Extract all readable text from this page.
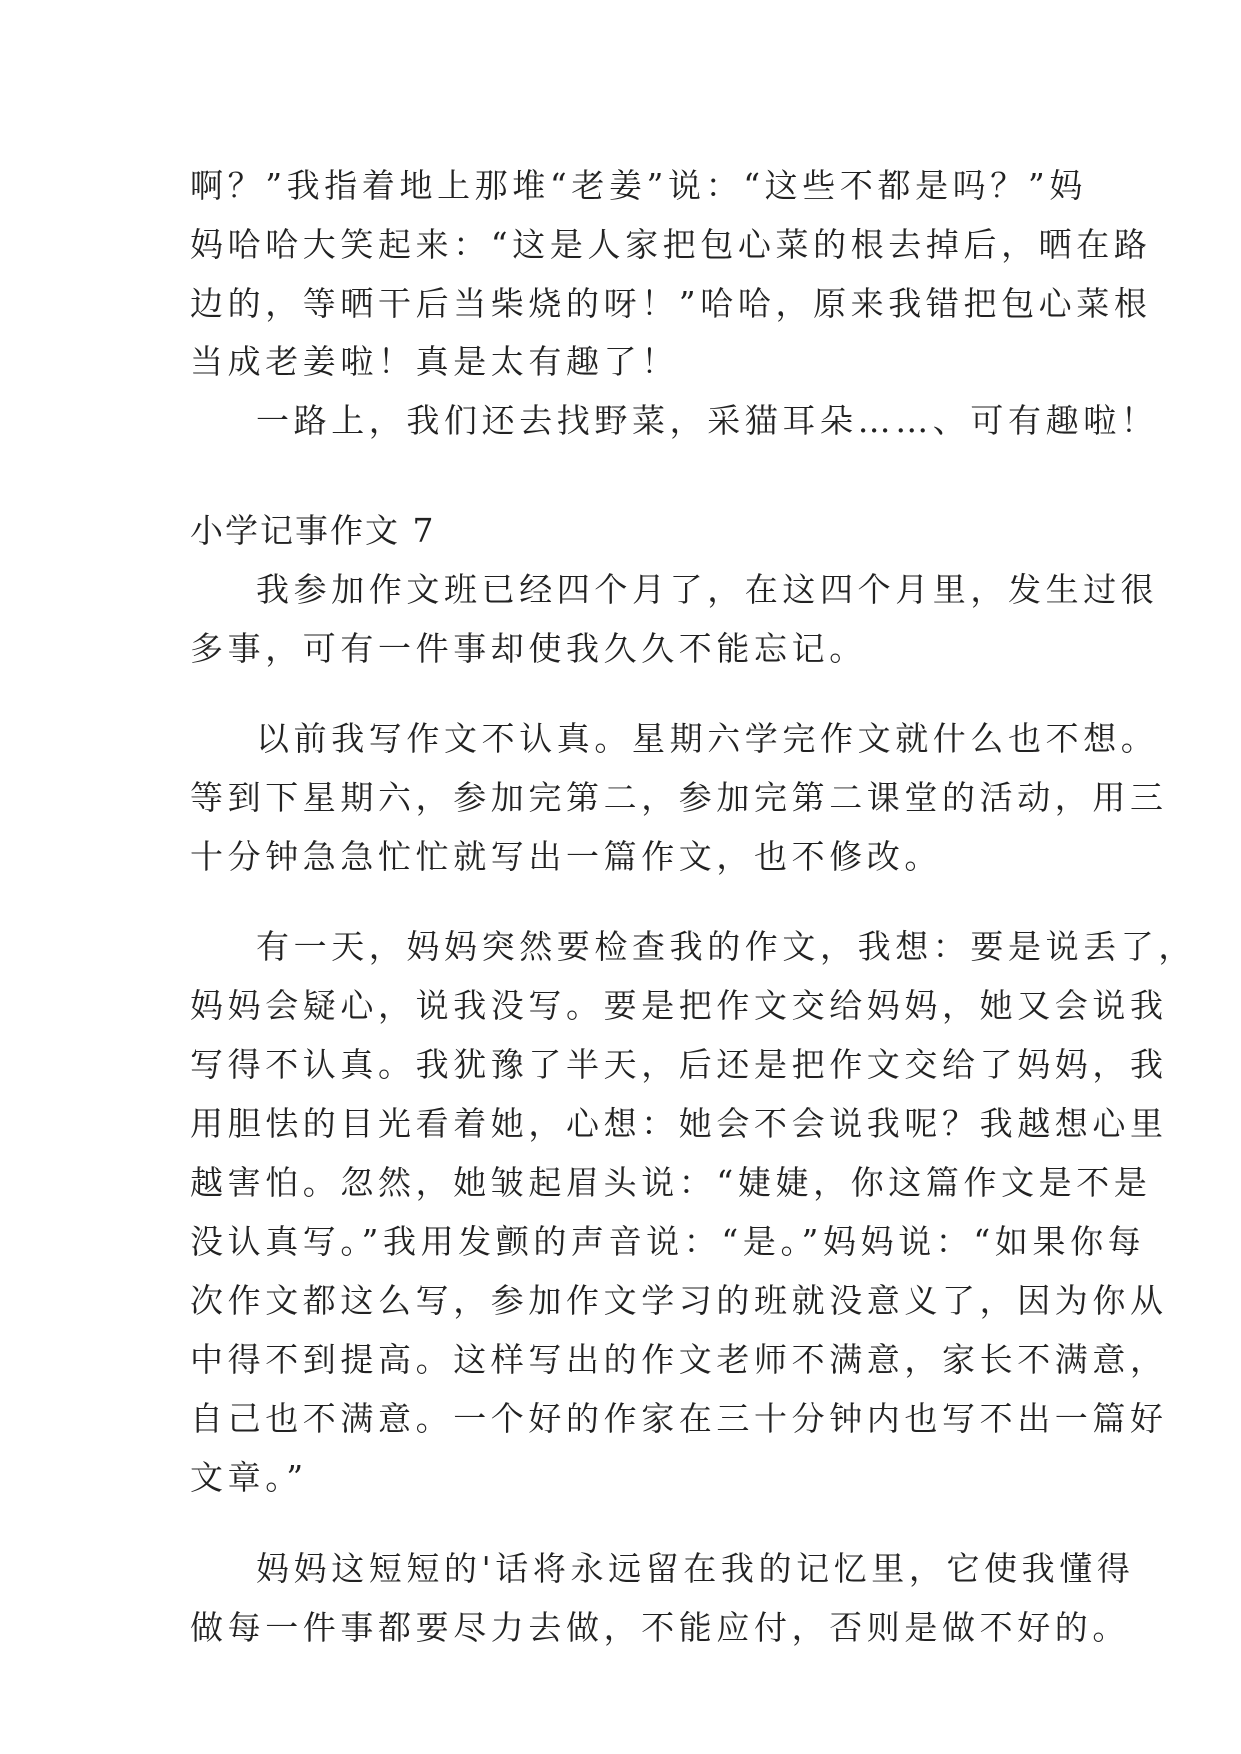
啊？”我指着地上那堆“老姜”说：“这些不都是吗？”妈
妈哈哈大笑起来：“这是人家把包心菜的根去掉后，晒在路
边的，等晒干后当柴烧的呀！”哈哈，原来我错把包心菜根
当成老姜啦！真是太有趣了！
一路上，我们还去找野菜，采猫耳朵……、可有趣啦！
小学记事作文 7
我参加作文班已经四个月了，在这四个月里，发生过很
多事，可有一件事却使我久久不能忘记。
以前我写作文不认真。星期六学完作文就什么也不想。
等到下星期六，参加完第二，参加完第二课堂的活动，用三
十分钟急急忙忙就写出一篇作文，也不修改。
有一天，妈妈突然要检查我的作文，我想：要是说丢了，
妈妈会疑心，说我没写。要是把作文交给妈妈，她又会说我
写得不认真。我犹豫了半天，后还是把作文交给了妈妈，我
用胆怯的目光看着她，心想：她会不会说我呢？我越想心里
越害怕。忽然，她皱起眉头说：“婕婕，你这篇作文是不是
没认真写。”我用发颤的声音说：“是。”妈妈说：“如果你每
次作文都这么写，参加作文学习的班就没意义了，因为你从
中得不到提高。这样写出的作文老师不满意，家长不满意，
自己也不满意。一个好的作家在三十分钟内也写不出一篇好
文章。”
妈妈这短短的'话将永远留在我的记忆里，它使我懂得
做每一件事都要尽力去做，不能应付，否则是做不好的。
